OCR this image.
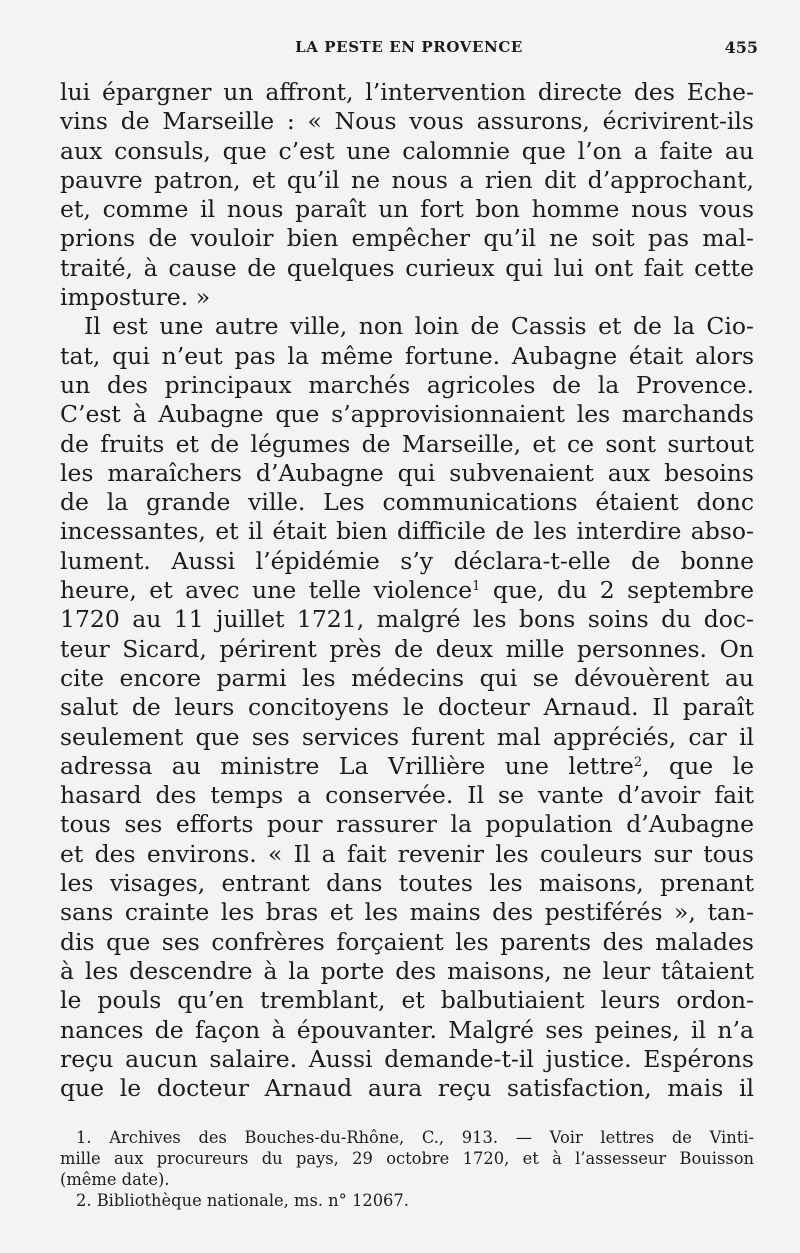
LA PESTE EN PROVENCE	455
lui épargner un affront, l’intervention directe des Eche-
vins de Marseille : « Nous vous assurons, écrivirent-ils
aux consuls, que c’est une calomnie que l’on a faite au
pauvre patron, et qu’il ne nous a rien dit d’approchant,
et, comme il nous paraît un fort bon homme nous vous
prions de vouloir bien empêcher qu’il ne soit pas mal-
traité, à cause de quelques curieux qui lui ont fait cette
imposture. »
Il est une autre ville, non loin de Cassis et de la Cio-
tat, qui n’eut pas la même fortune. Aubagne était alors
un des principaux marchés agricoles de la Provence.
C’est à Aubagne que s’approvisionnaient les marchands
de fruits et de légumes de Marseille, et ce sont surtout
les maraîchers d’Aubagne qui subvenaient aux besoins
de la grande ville. Les communications étaient donc
incessantes, et il était bien difficile de les interdire abso-
lument. Aussi l’épidémie s’y déclara-t-elle de bonne
heure, et avec une telle violence$^1$ que, du 2 septembre
1720 au 11 juillet 1721, malgré les bons soins du doc-
teur Sicard, périrent près de deux mille personnes. On
cite encore parmi les médecins qui se dévouèrent au
salut de leurs concitoyens le docteur Arnaud. Il paraît
seulement que ses services furent mal appréciés, car il
adressa au ministre La Vrillière une lettre$^2$, que le
hasard des temps a conservée. Il se vante d’avoir fait
tous ses efforts pour rassurer la population d’Aubagne
et des environs. « Il a fait revenir les couleurs sur tous
les visages, entrant dans toutes les maisons, prenant
sans crainte les bras et les mains des pestiférés », tan-
dis que ses confrères forçaient les parents des malades
à les descendre à la porte des maisons, ne leur tâtaient
le pouls qu’en tremblant, et balbutiaient leurs ordon-
nances de façon à épouvanter. Malgré ses peines, il n’a
reçu aucun salaire. Aussi demande-t-il justice. Espérons
que le docteur Arnaud aura reçu satisfaction, mais il
1. Archives des Bouches-du-Rhône, C., 913. — Voir lettres de Vinti-
mille aux procureurs du pays, 29 octobre 1720, et à l’assesseur Bouisson
(même date).
2. Bibliothèque nationale, ms. n° 12067.
